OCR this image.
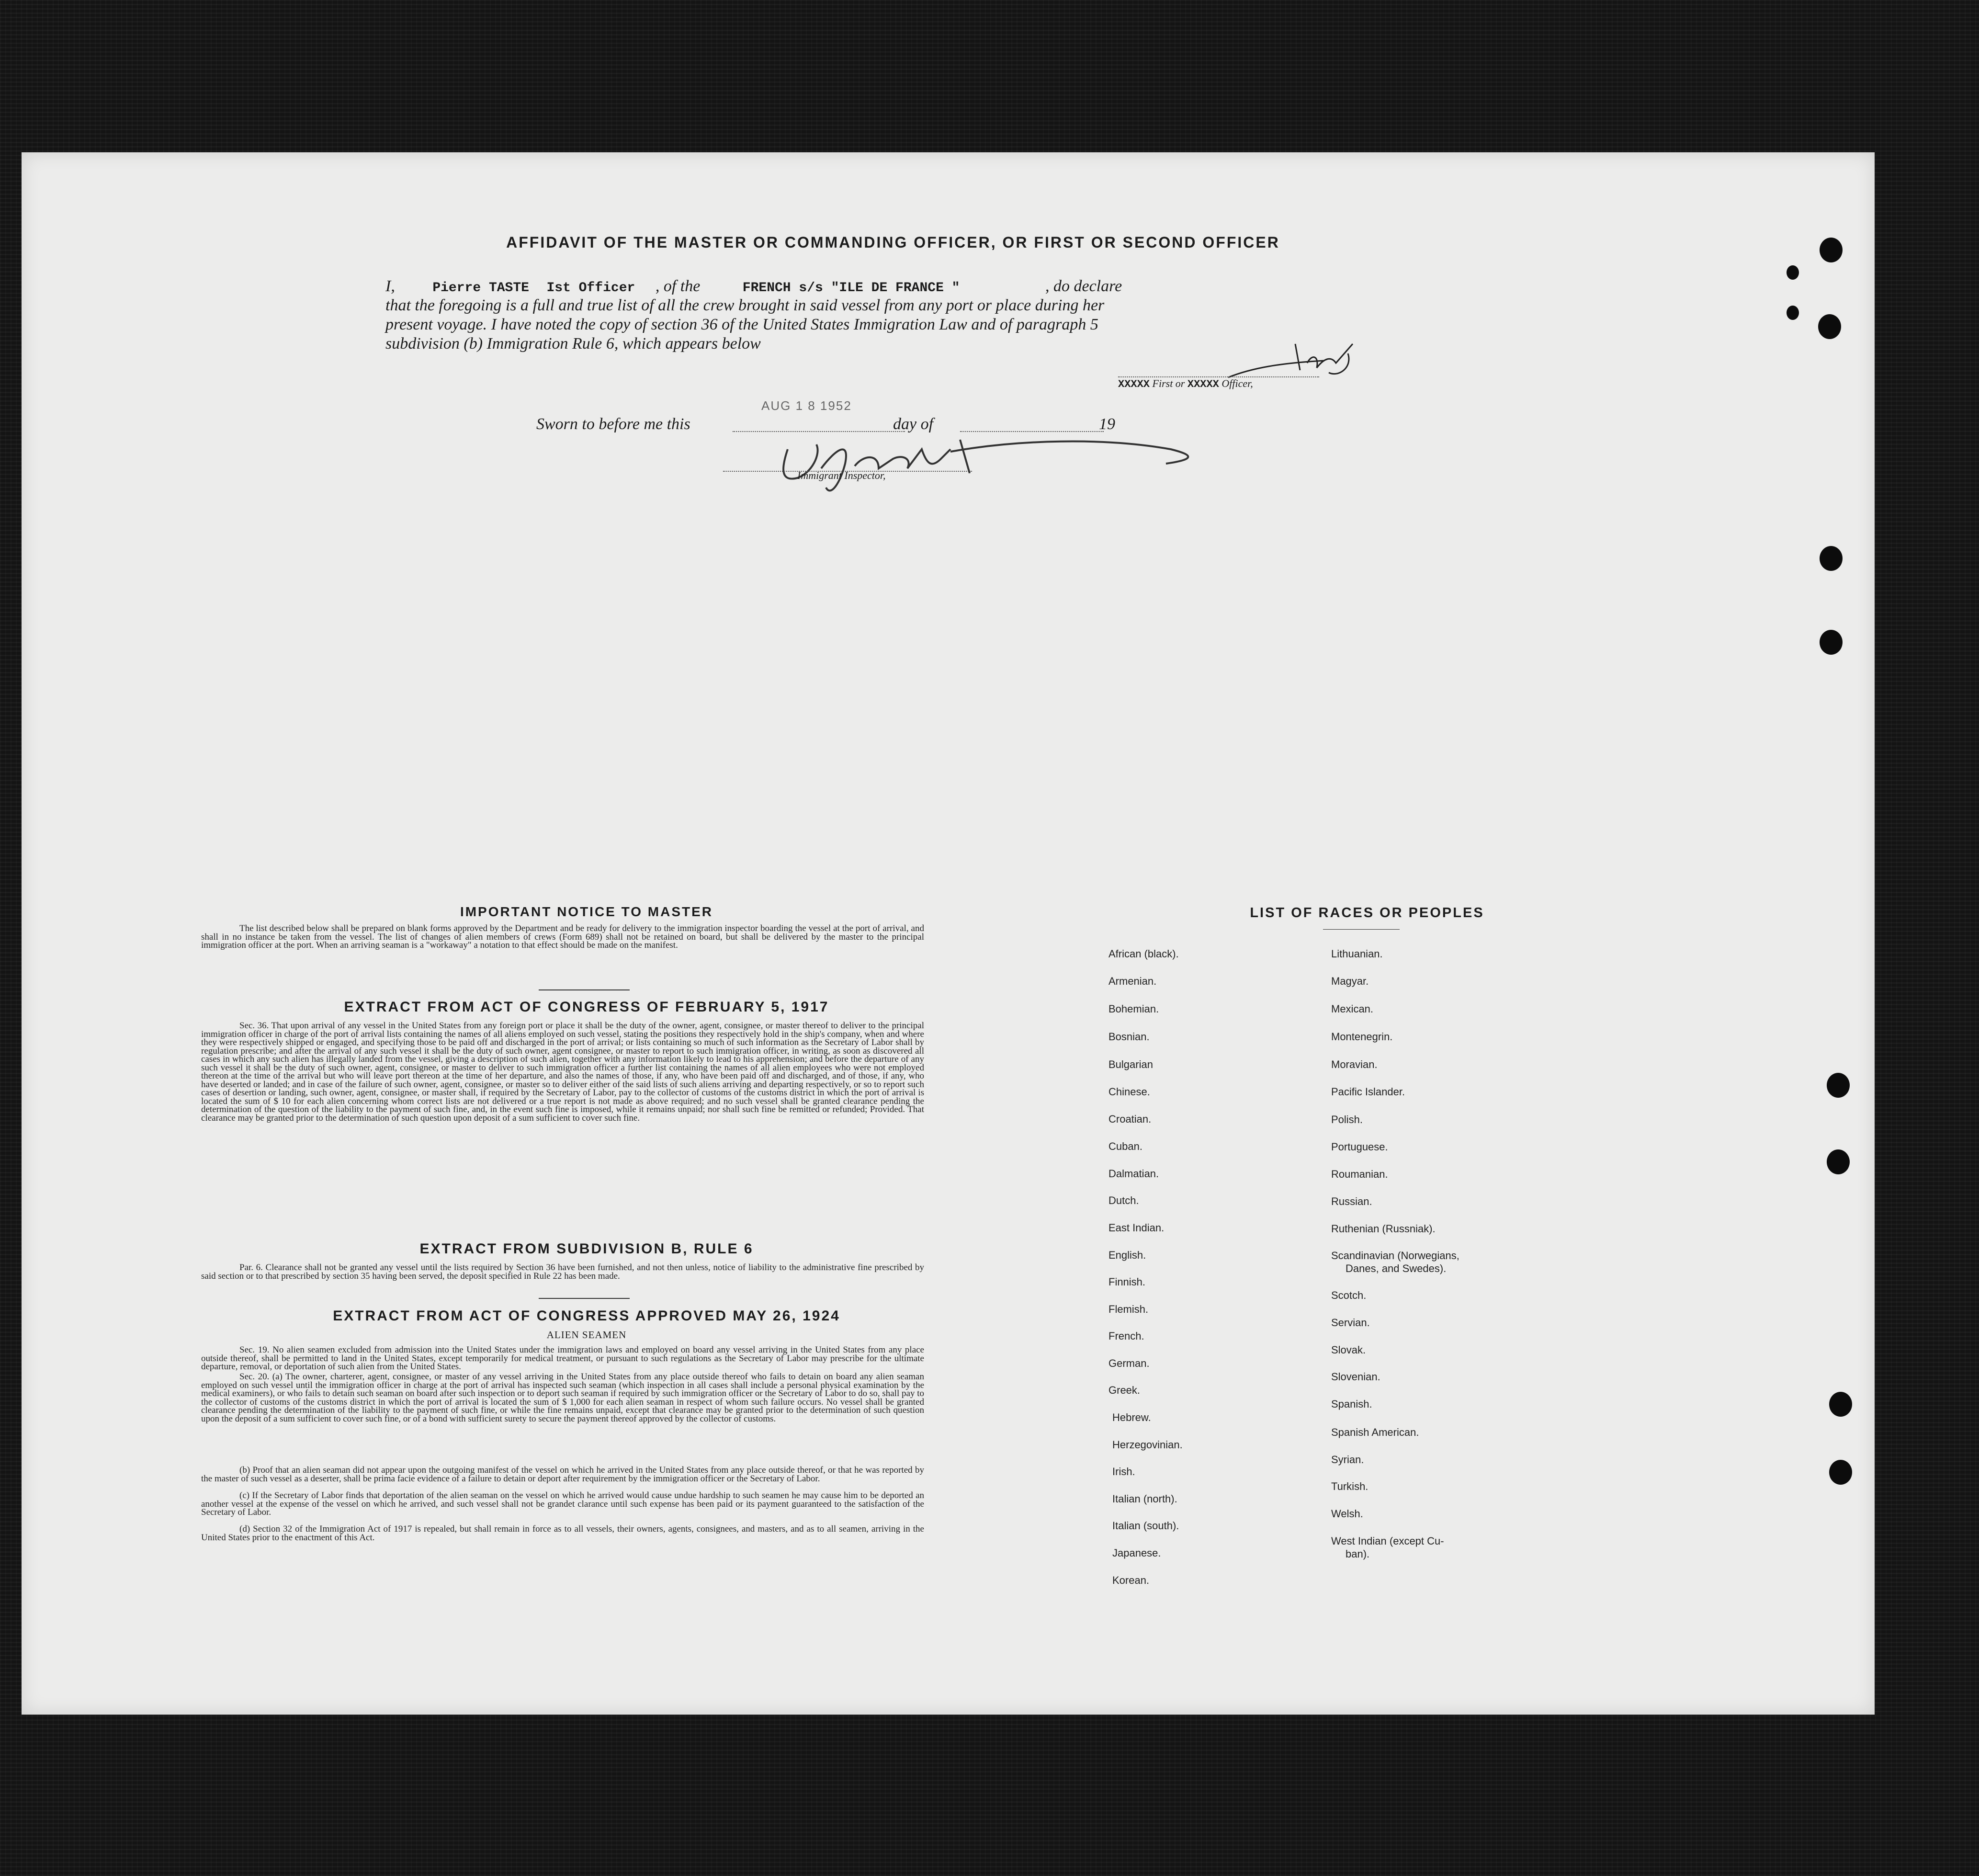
AFFIDAVIT OF THE MASTER OR COMMANDING OFFICER, OR FIRST OR SECOND OFFICER
I,	Pierre TASTE Ist Officer , of the	FRENCH s/s "ILE DE FRANCE "	, do declare
that the foregoing is a full and true list of all the crew brought in said vessel from any port or place during her
present voyage. I have noted the copy of section 36 of the United States Immigration Law and of paragraph 5
subdivision (b) Immigration Rule 6, which appears below
XXXXX First or XXXXX Officer,
Sworn to before me this
AUG 1 8 1952
day of	19
Immigrant Inspector,
IMPORTANT NOTICE TO MASTER
The list described below shall be prepared on blank forms approved by the Department and be ready for delivery to the immigration inspector boarding the vessel at the port of arrival, and shall in no instance be taken from the vessel. The list of changes of alien members of crews (Form 689) shall not be retained on board, but shall be delivered by the master to the principal immigration officer at the port. When an arriving seaman is a "workaway" a notation to that effect should be made on the manifest.
EXTRACT FROM ACT OF CONGRESS OF FEBRUARY 5, 1917
Sec. 36. That upon arrival of any vessel in the United States from any foreign port or place it shall be the duty of the owner, agent, consignee, or master thereof to deliver to the principal immigration officer in charge of the port of arrival lists containing the names of all aliens employed on such vessel, stating the positions they respectively hold in the ship's company, when and where they were respectively shipped or engaged, and specifying those to be paid off and discharged in the port of arrival; or lists containing so much of such information as the Secretary of Labor shall by regulation prescribe; and after the arrival of any such vessel it shall be the duty of such owner, agent consignee, or master to report to such immigration officer, in writing, as soon as discovered all cases in which any such alien has illegally landed from the vessel, giving a description of such alien, together with any information likely to lead to his apprehension; and before the departure of any such vessel it shall be the duty of such owner, agent, consignee, or master to deliver to such immigration officer a further list containing the names of all alien employees who were not employed thereon at the time of the arrival but who will leave port thereon at the time of her departure, and also the names of those, if any, who have been paid off and discharged, and of those, if any, who have deserted or landed; and in case of the failure of such owner, agent, consignee, or master so to deliver either of the said lists of such aliens arriving and departing respectively, or so to report such cases of desertion or landing, such owner, agent, consignee, or master shall, if required by the Secretary of Labor, pay to the collector of customs of the customs district in which the port of arrival is located the sum of $ 10 for each alien concerning whom correct lists are not delivered or a true report is not made as above required; and no such vessel shall be granted clearance pending the determination of the question of the liability to the payment of such fine, and, in the event such fine is imposed, while it remains unpaid; nor shall such fine be remitted or refunded; Provided. That clearance may be granted prior to the determination of such question upon deposit of a sum sufficient to cover such fine.
EXTRACT FROM SUBDIVISION B, RULE 6
Par. 6. Clearance shall not be granted any vessel until the lists required by Section 36 have been furnished, and not then unless, notice of liability to the administrative fine prescribed by said section or to that prescribed by section 35 having been served, the deposit specified in Rule 22 has been made.
EXTRACT FROM ACT OF CONGRESS APPROVED MAY 26, 1924
ALIEN SEAMEN
Sec. 19. No alien seamen excluded from admission into the United States under the immigration laws and employed on board any vessel arriving in the United States from any place outside thereof, shall be permitted to land in the United States, except temporarily for medical treatment, or pursuant to such regulations as the Secretary of Labor may prescribe for the ultimate departure, removal, or deportation of such alien from the United States.
Sec. 20. (a) The owner, charterer, agent, consignee, or master of any vessel arriving in the United States from any place outside thereof who fails to detain on board any alien seaman employed on such vessel until the immigration officer in charge at the port of arrival has inspected such seaman (which inspection in all cases shall include a personal physical examination by the medical examiners), or who fails to detain such seaman on board after such inspection or to deport such seaman if required by such immigration officer or the Secretary of Labor to do so, shall pay to the collector of customs of the customs district in which the port of arrival is located the sum of $ 1,000 for each alien seaman in respect of whom such failure occurs. No vessel shall be granted clearance pending the determination of the liability to the payment of such fine, or while the fine remains unpaid, except that clearance may be granted prior to the determination of such question upon the deposit of a sum sufficient to cover such fine, or of a bond with sufficient surety to secure the payment thereof approved by the collector of customs.
(b) Proof that an alien seaman did not appear upon the outgoing manifest of the vessel on which he arrived in the United States from any place outside thereof, or that he was reported by the master of such vessel as a deserter, shall be prima facie evidence of a failure to detain or deport after requirement by the immigration officer or the Secretary of Labor.
(c) If the Secretary of Labor finds that deportation of the alien seaman on the vessel on which he arrived would cause undue hardship to such seamen he may cause him to be deported an another vessel at the expense of the vessel on which he arrived, and such vessel shall not be grandet clarance until such expense has been paid or its payment guaranteed to the satisfaction of the Secretary of Labor.
(d) Section 32 of the Immigration Act of 1917 is repealed, but shall remain in force as to all vessels, their owners, agents, consignees, and masters, and as to all seamen, arriving in the United States prior to the enactment of this Act.
LIST OF RACES OR PEOPLES
African (black).
Armenian.
Bohemian.
Bosnian.
Bulgarian
Chinese.
Croatian.
Cuban.
Dalmatian.
Dutch.
East Indian.
English.
Finnish.
Flemish.
French.
German.
Greek.
Hebrew.
Herzegovinian.
Irish.
Italian (north).
Italian (south).
Japanese.
Korean.
Lithuanian.
Magyar.
Mexican.
Montenegrin.
Moravian.
Pacific Islander.
Polish.
Portuguese.
Roumanian.
Russian.
Ruthenian (Russniak).
Scandinavian (Norwegians,
Danes, and Swedes).
Scotch.
Servian.
Slovak.
Slovenian.
Spanish.
Spanish American.
Syrian.
Turkish.
Welsh.
West Indian (except Cu-
ban).
